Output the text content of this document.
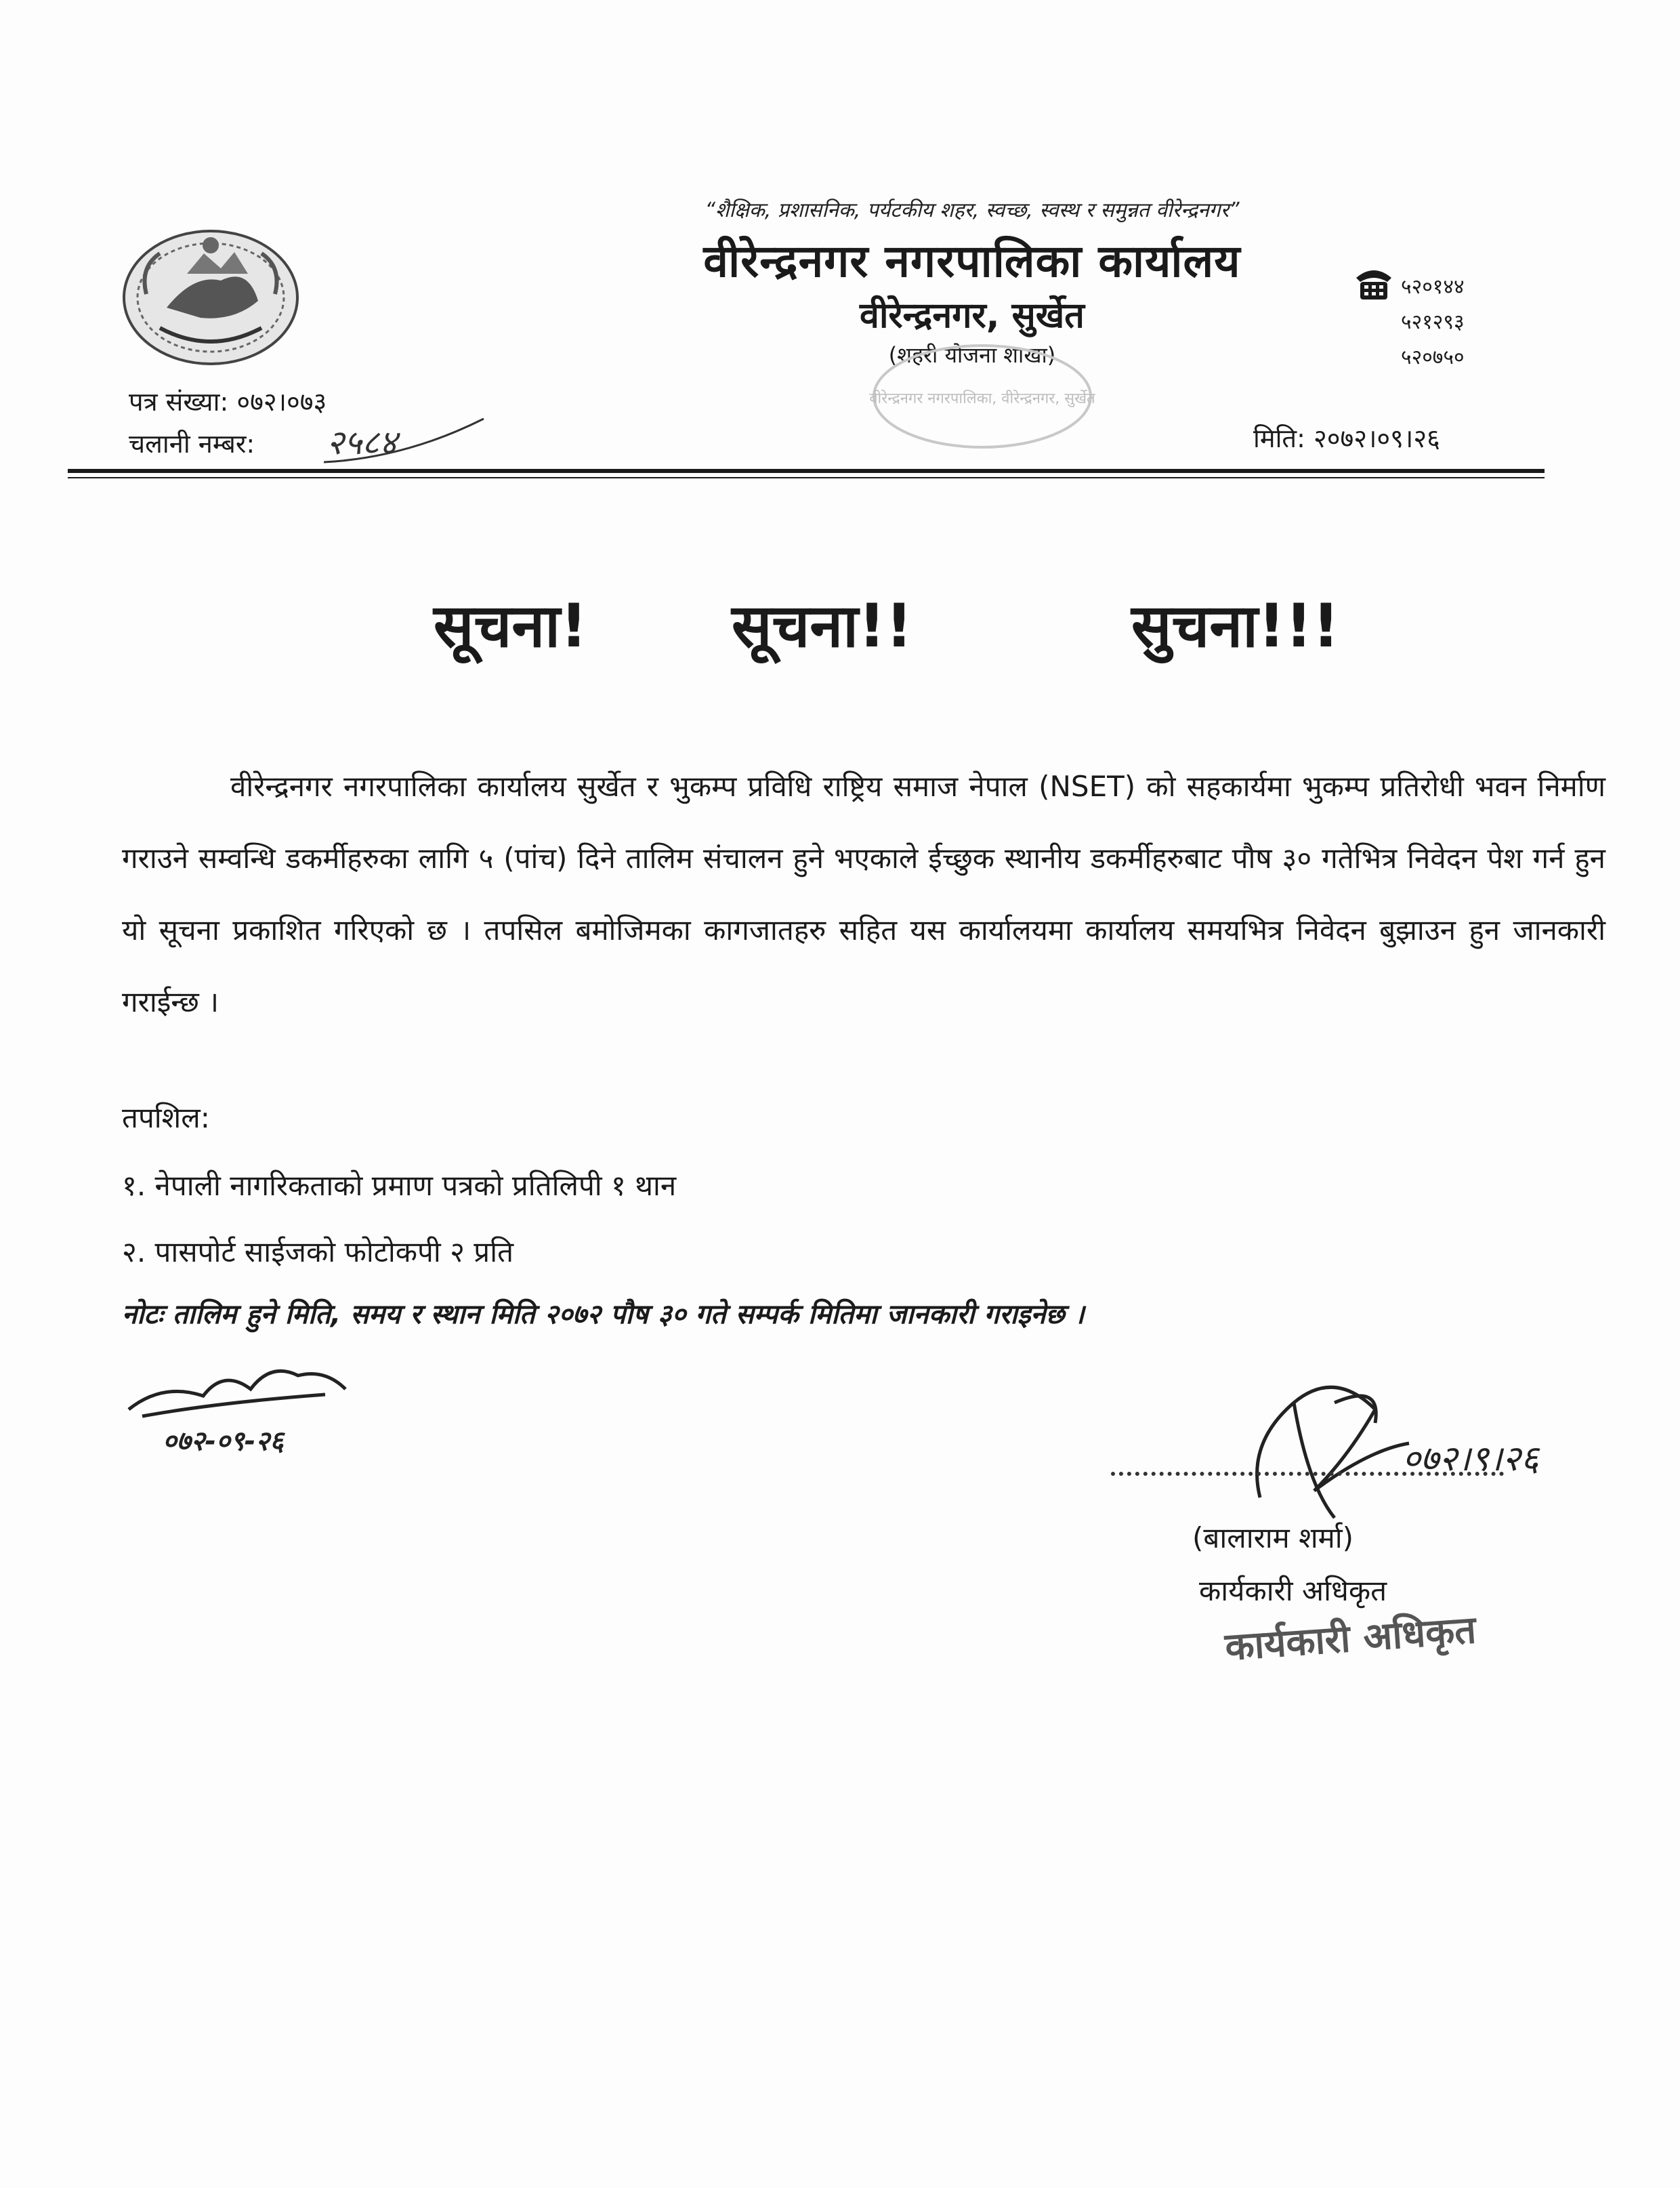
“शैक्षिक, प्रशासनिक, पर्यटकीय शहर, स्वच्छ, स्वस्थ र समुन्नत वीरेन्द्रनगर”
वीरेन्द्रनगर नगरपालिका कार्यालय
वीरेन्द्रनगर, सुर्खेत
(शहरी योजना शाखा)
वीरेन्द्रनगर नगरपालिका, वीरेन्द्रनगर, सुर्खेत
५२०१४४
५२१२९३
५२०७५०
पत्र संख्या: ०७२।०७३
चलानी नम्बर: २५८४	मिति: २०७२।०९।२६
सूचना! सूचना!!	सुचना!!!
वीरेन्द्रनगर नगरपालिका कार्यालय सुर्खेत र भुकम्प प्रविधि राष्ट्रिय समाज नेपाल (NSET) को सहकार्यमा भुकम्प प्रतिरोधी भवन निर्माण गराउने सम्वन्धि डकर्मीहरुका लागि ५ (पांच) दिने तालिम संचालन हुने भएकाले ईच्छुक स्थानीय डकर्मीहरुबाट पौष ३० गतेभित्र निवेदन पेश गर्न हुन यो सूचना प्रकाशित गरिएको छ । तपसिल बमोजिमका कागजातहरु सहित यस कार्यालयमा कार्यालय समयभित्र निवेदन बुझाउन हुन जानकारी गराईन्छ ।
तपशिल:
१. नेपाली नागरिकताको प्रमाण पत्रको प्रतिलिपी १ थान
२. पासपोर्ट साईजको फोटोकपी २ प्रति
नोटः तालिम हुने मिति, समय र स्थान मिति २०७२ पौष ३० गते सम्पर्क मितिमा जानकारी गराइनेछ ।
०७२-०९-२६	०७२।९।२६
(बालाराम शर्मा)
कार्यकारी अधिकृत
कार्यकारी अधिकृत
